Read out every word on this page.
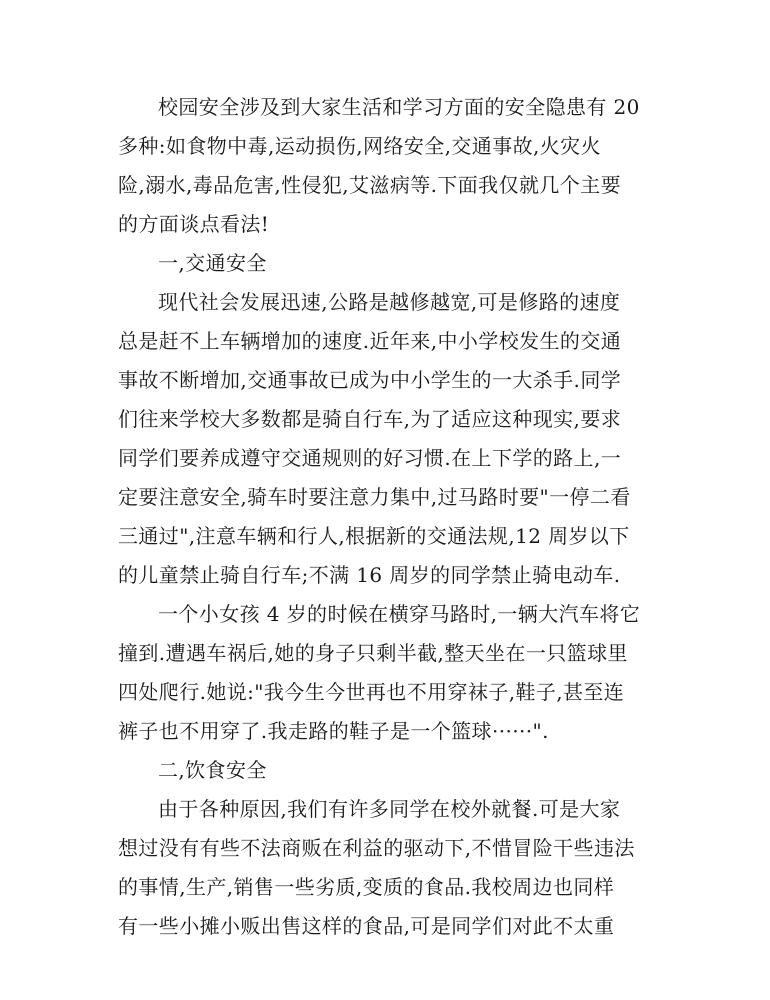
校园安全涉及到大家生活和学习方面的安全隐患有 20
多种:如食物中毒,运动损伤,网络安全,交通事故,火灾火
险,溺水,毒品危害,性侵犯,艾滋病等.下面我仅就几个主要
的方面谈点看法!
一,交通安全
现代社会发展迅速,公路是越修越宽,可是修路的速度
总是赶不上车辆增加的速度.近年来,中小学校发生的交通
事故不断增加,交通事故已成为中小学生的一大杀手.同学
们往来学校大多数都是骑自行车,为了适应这种现实,要求
同学们要养成遵守交通规则的好习惯.在上下学的路上,一
定要注意安全,骑车时要注意力集中,过马路时要"一停二看
三通过",注意车辆和行人,根据新的交通法规,12 周岁以下
的儿童禁止骑自行车;不满 16 周岁的同学禁止骑电动车.
一个小女孩 4 岁的时候在横穿马路时,一辆大汽车将它
撞到.遭遇车祸后,她的身子只剩半截,整天坐在一只篮球里
四处爬行.她说:"我今生今世再也不用穿袜子,鞋子,甚至连
裤子也不用穿了.我走路的鞋子是一个篮球······".
二,饮食安全
由于各种原因,我们有许多同学在校外就餐.可是大家
想过没有有些不法商贩在利益的驱动下,不惜冒险干些违法
的事情,生产,销售一些劣质,变质的食品.我校周边也同样
有一些小摊小贩出售这样的食品,可是同学们对此不太重
